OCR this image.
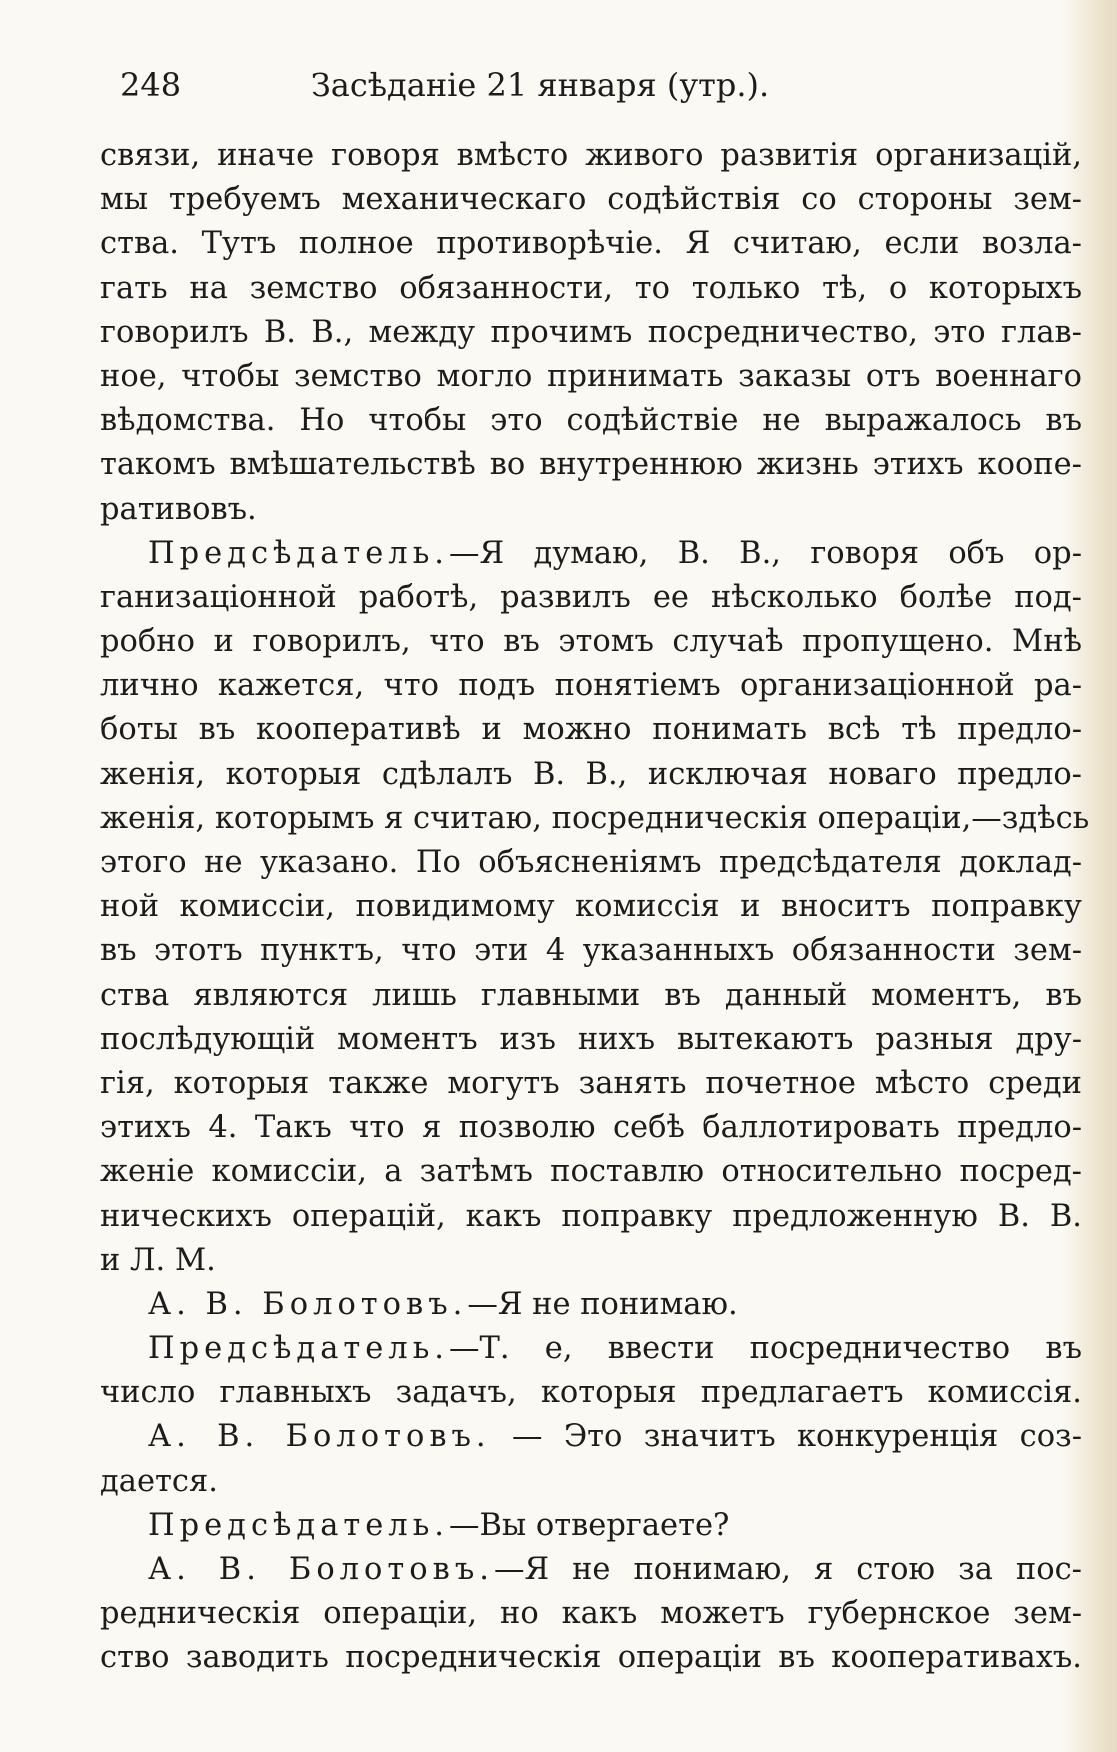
248	Засѣданіе 21 января (утр.).
связи, иначе говоря вмѣсто живого развитія организацій,
мы требуемъ механическаго содѣйствія со стороны зем-
ства. Тутъ полное противорѣчіе. Я считаю, если возла-
гать на земство обязанности, то только тѣ, о которыхъ
говорилъ В. В., между прочимъ посредничество, это глав-
ное, чтобы земство могло принимать заказы отъ военнаго
вѣдомства. Но чтобы это содѣйствіе не выражалось въ
такомъ вмѣшательствѣ во внутреннюю жизнь этихъ коопе-
ративовъ.
Предсѣдатель.—Я думаю, В. В., говоря объ ор-
ганизаціонной работѣ, развилъ ее нѣсколько болѣе под-
робно и говорилъ, что въ этомъ случаѣ пропущено. Мнѣ
лично кажется, что подъ понятіемъ организаціонной ра-
боты въ кооперативѣ и можно понимать всѣ тѣ предло-
женія, которыя сдѣлалъ В. В., исключая новаго предло-
женія, которымъ я считаю, посредническія операціи,—здѣсь
этого не указано. По объясненіямъ предсѣдателя доклад-
ной комиссіи, повидимому комиссія и вноситъ поправку
въ этотъ пунктъ, что эти 4 указанныхъ обязанности зем-
ства являются лишь главными въ данный моментъ, въ
послѣдующій моментъ изъ нихъ вытекаютъ разныя дру-
гія, которыя также могутъ занять почетное мѣсто среди
этихъ 4. Такъ что я позволю себѣ баллотировать предло-
женіе комиссіи, а затѣмъ поставлю относительно посред-
ническихъ операцій, какъ поправку предложенную В. В.
и Л. М.
А. В. Болотовъ.—Я не понимаю.
Предсѣдатель.—Т. е, ввести посредничество въ
число главныхъ задачъ, которыя предлагаетъ комиссія.
А. В. Болотовъ. — Это значитъ конкуренція соз-
дается.
Предсѣдатель.—Вы отвергаете?
А. В. Болотовъ.—Я не понимаю, я стою за пос-
редническія операціи, но какъ можетъ губернское зем-
ство заводить посредническія операціи въ кооперативахъ.
